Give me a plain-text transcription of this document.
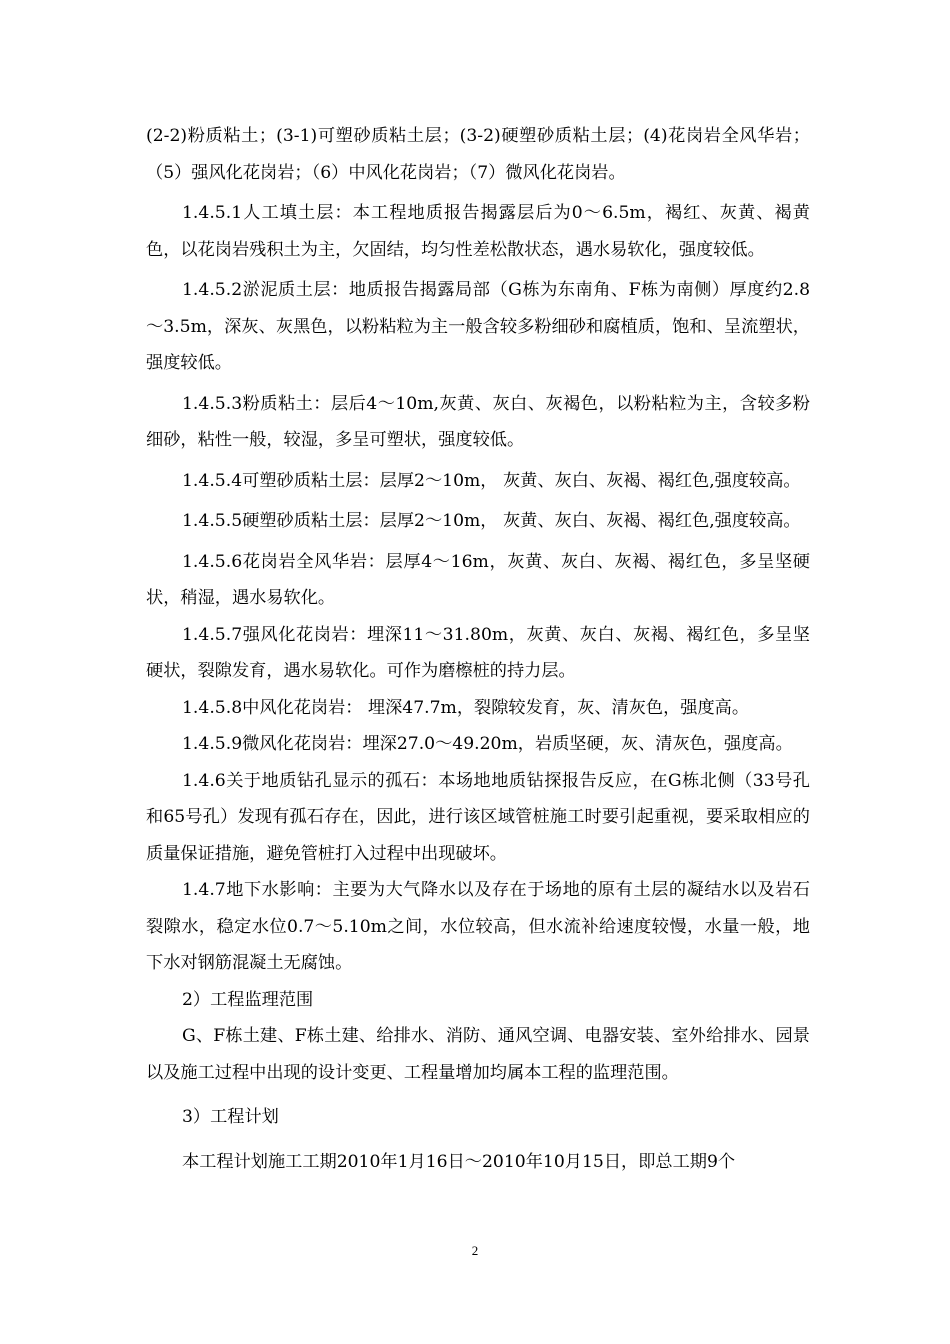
(2-2)粉质粘土；(3-1)可塑砂质粘土层；(3-2)硬塑砂质粘土层；(4)花岗岩全风华岩；（5）强风化花岗岩；（6）中风化花岗岩；（7）微风化花岗岩。

1.4.5.1人工填土层：本工程地质报告揭露层后为0～6.5m，褐红、灰黄、褐黄色，以花岗岩残积土为主，欠固结，均匀性差松散状态，遇水易软化，强度较低。

1.4.5.2淤泥质土层：地质报告揭露局部（G栋为东南角、F栋为南侧）厚度约2.8～3.5m，深灰、灰黑色，以粉粘粒为主一般含较多粉细砂和腐植质，饱和、呈流塑状，强度较低。

1.4.5.3粉质粘土：层后4～10m,灰黄、灰白、灰褐色，以粉粘粒为主，含较多粉细砂，粘性一般，较湿，多呈可塑状，强度较低。

1.4.5.4可塑砂质粘土层：层厚2～10m， 灰黄、灰白、灰褐、褐红色,强度较高。

1.4.5.5硬塑砂质粘土层：层厚2～10m， 灰黄、灰白、灰褐、褐红色,强度较高。

1.4.5.6花岗岩全风华岩：层厚4～16m，灰黄、灰白、灰褐、褐红色，多呈坚硬状，稍湿，遇水易软化。

1.4.5.7强风化花岗岩：埋深11～31.80m，灰黄、灰白、灰褐、褐红色，多呈坚硬状，裂隙发育，遇水易软化。可作为磨檫桩的持力层。

1.4.5.8中风化花岗岩： 埋深47.7m，裂隙较发育，灰、清灰色，强度高。

1.4.5.9微风化花岗岩：埋深27.0～49.20m，岩质坚硬，灰、清灰色，强度高。

1.4.6关于地质钻孔显示的孤石：本场地地质钻探报告反应，在G栋北侧（33号孔和65号孔）发现有孤石存在，因此，进行该区域管桩施工时要引起重视，要采取相应的质量保证措施，避免管桩打入过程中出现破坏。

1.4.7地下水影响：主要为大气降水以及存在于场地的原有土层的凝结水以及岩石裂隙水，稳定水位0.7～5.10m之间，水位较高，但水流补给速度较慢，水量一般，地下水对钢筋混凝土无腐蚀。

2）工程监理范围

G、F栋土建、F栋土建、给排水、消防、通风空调、电器安装、室外给排水、园景以及施工过程中出现的设计变更、工程量增加均属本工程的监理范围。

3）工程计划

本工程计划施工工期2010年1月16日～2010年10月15日，即总工期9个

2
